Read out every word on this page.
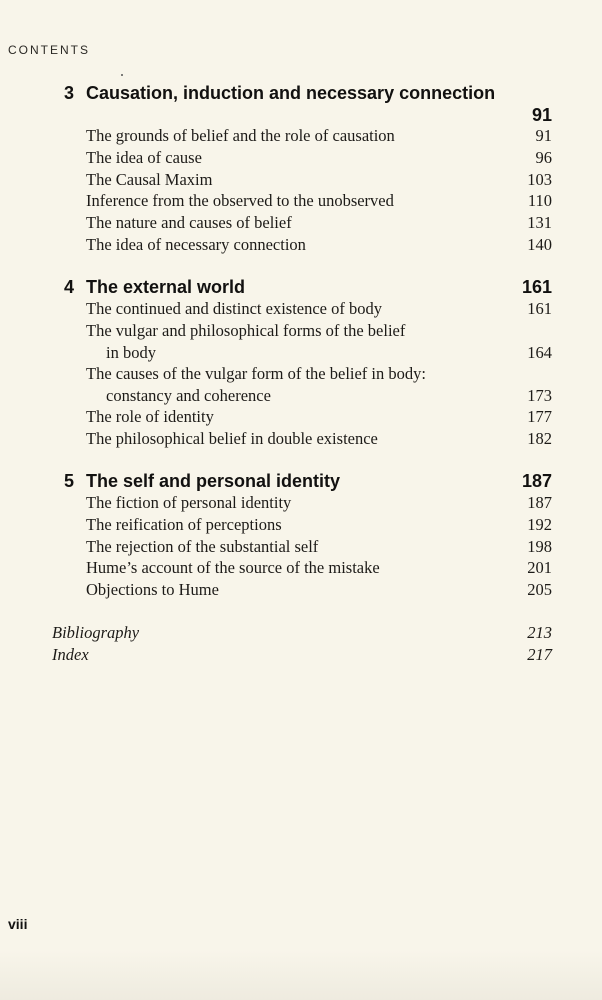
CONTENTS
3 Causation, induction and necessary connection
91
The grounds of belief and the role of causation	91
The idea of cause	96
The Causal Maxim	103
Inference from the observed to the unobserved	110
The nature and causes of belief	131
The idea of necessary connection	140
4 The external world	161
The continued and distinct existence of body	161
The vulgar and philosophical forms of the belief
in body	164
The causes of the vulgar form of the belief in body:
constancy and coherence	173
The role of identity	177
The philosophical belief in double existence	182
5 The self and personal identity	187
The fiction of personal identity	187
The reification of perceptions	192
The rejection of the substantial self	198
Hume’s account of the source of the mistake	201
Objections to Hume	205
Bibliography	213
Index	217
viii
